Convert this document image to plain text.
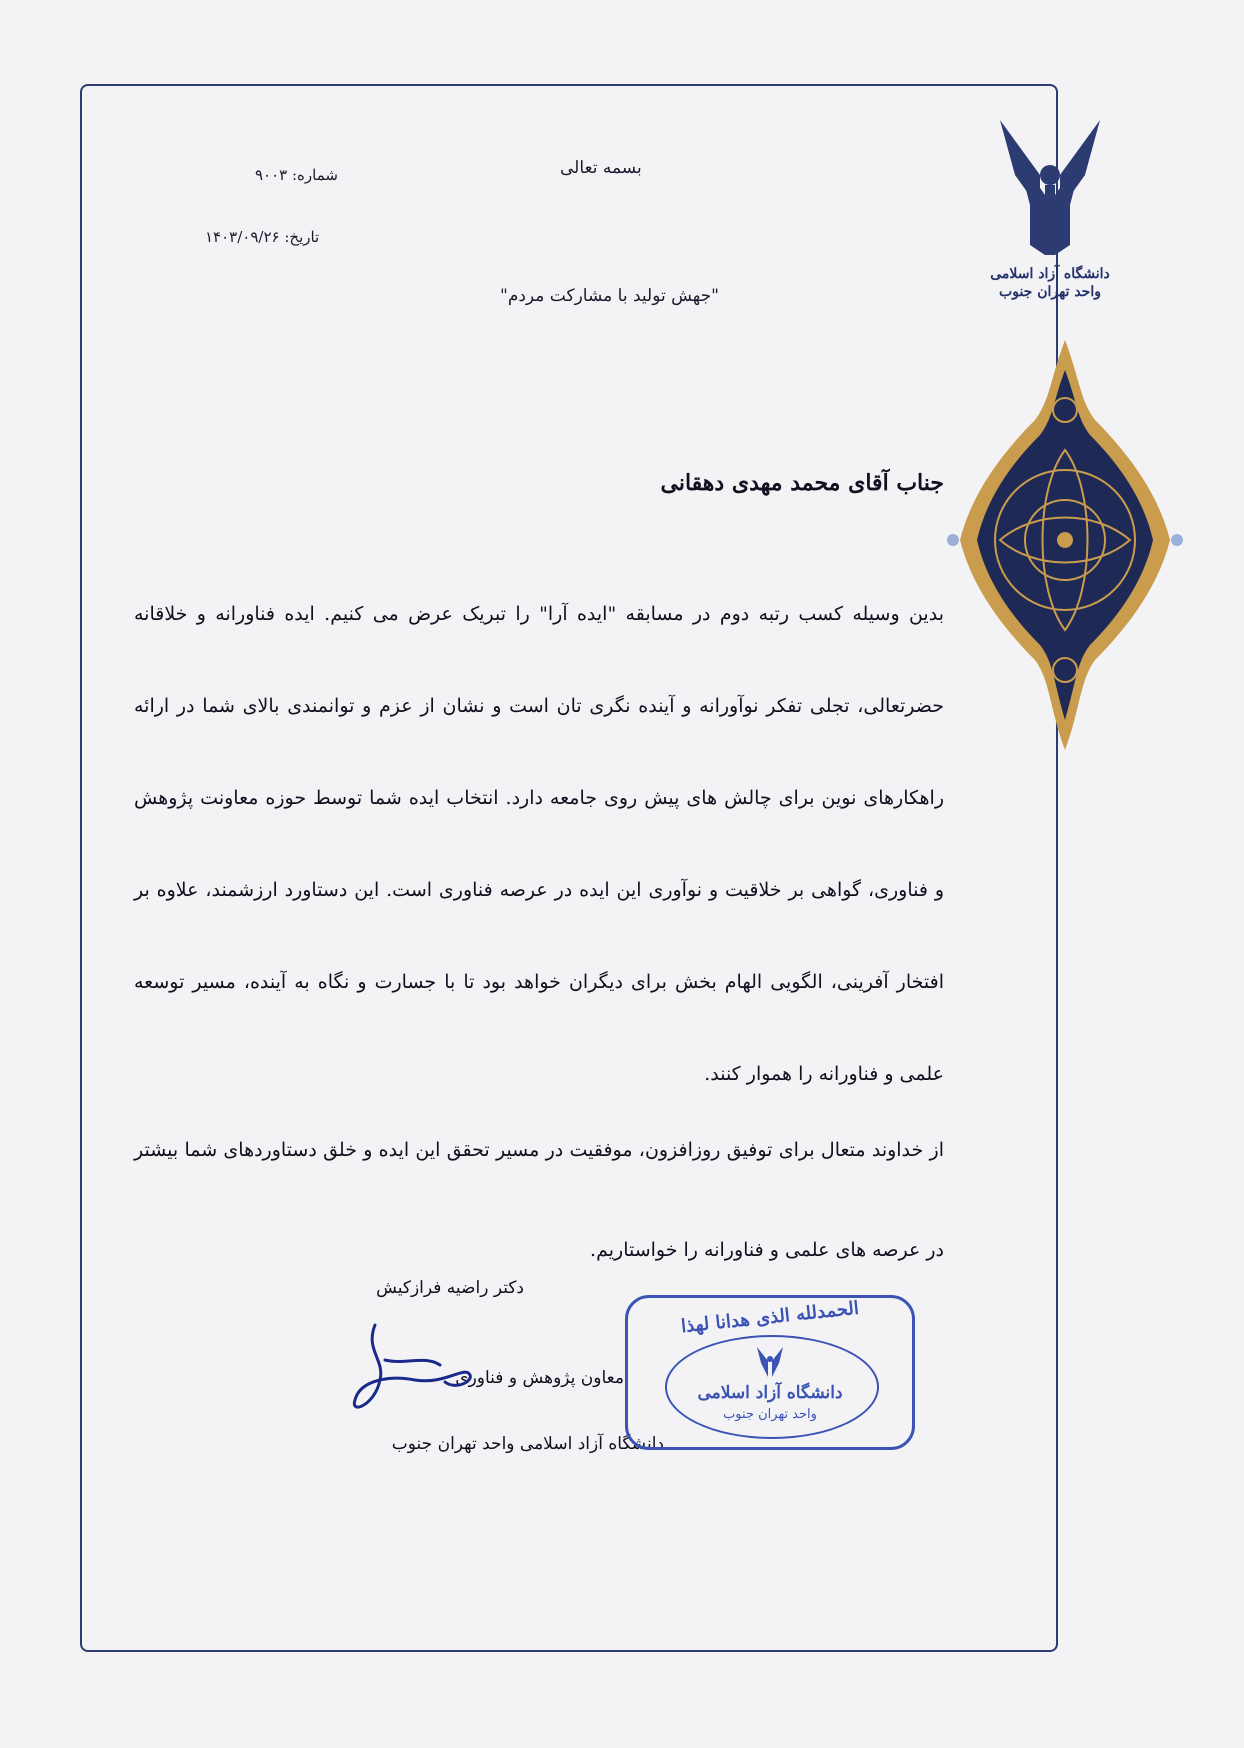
دانشگاه آزاد اسلامی
واحد تهران جنوب
بسمه تعالی
شماره: ۹۰۰۳
تاریخ: ۱۴۰۳/۰۹/۲۶
"جهش تولید با مشارکت مردم"
جناب آقای محمد مهدی دهقانی
بدین وسیله کسب رتبه دوم در مسابقه "ایده آرا" را تبریک عرض می کنیم. ایده فناورانه و خلاقانه حضرتعالی، تجلی تفکر نوآورانه و آینده نگری تان است و نشان از عزم و توانمندی بالای شما در ارائه راهکارهای نوین برای چالش های پیش روی جامعه دارد. انتخاب ایده شما توسط حوزه معاونت پژوهش و فناوری، گواهی بر خلاقیت و نوآوری این ایده در عرصه فناوری است. این دستاورد ارزشمند، علاوه بر افتخار آفرینی، الگویی الهام بخش برای دیگران خواهد بود تا با جسارت و نگاه به آینده، مسیر توسعه علمی و فناورانه را هموار کنند.
از خداوند متعال برای توفیق روزافزون، موفقیت در مسیر تحقق این ایده و خلق دستاوردهای شما بیشتر در عرصه های علمی و فناورانه را خواستاریم.
دکتر راضیه فرازکیش
معاون پژوهش و فناوری
دانشگاه آزاد اسلامی واحد تهران جنوب
الحمدلله الذی هدانا لهذا
دانشگاه آزاد اسلامی
واحد تهران جنوب
